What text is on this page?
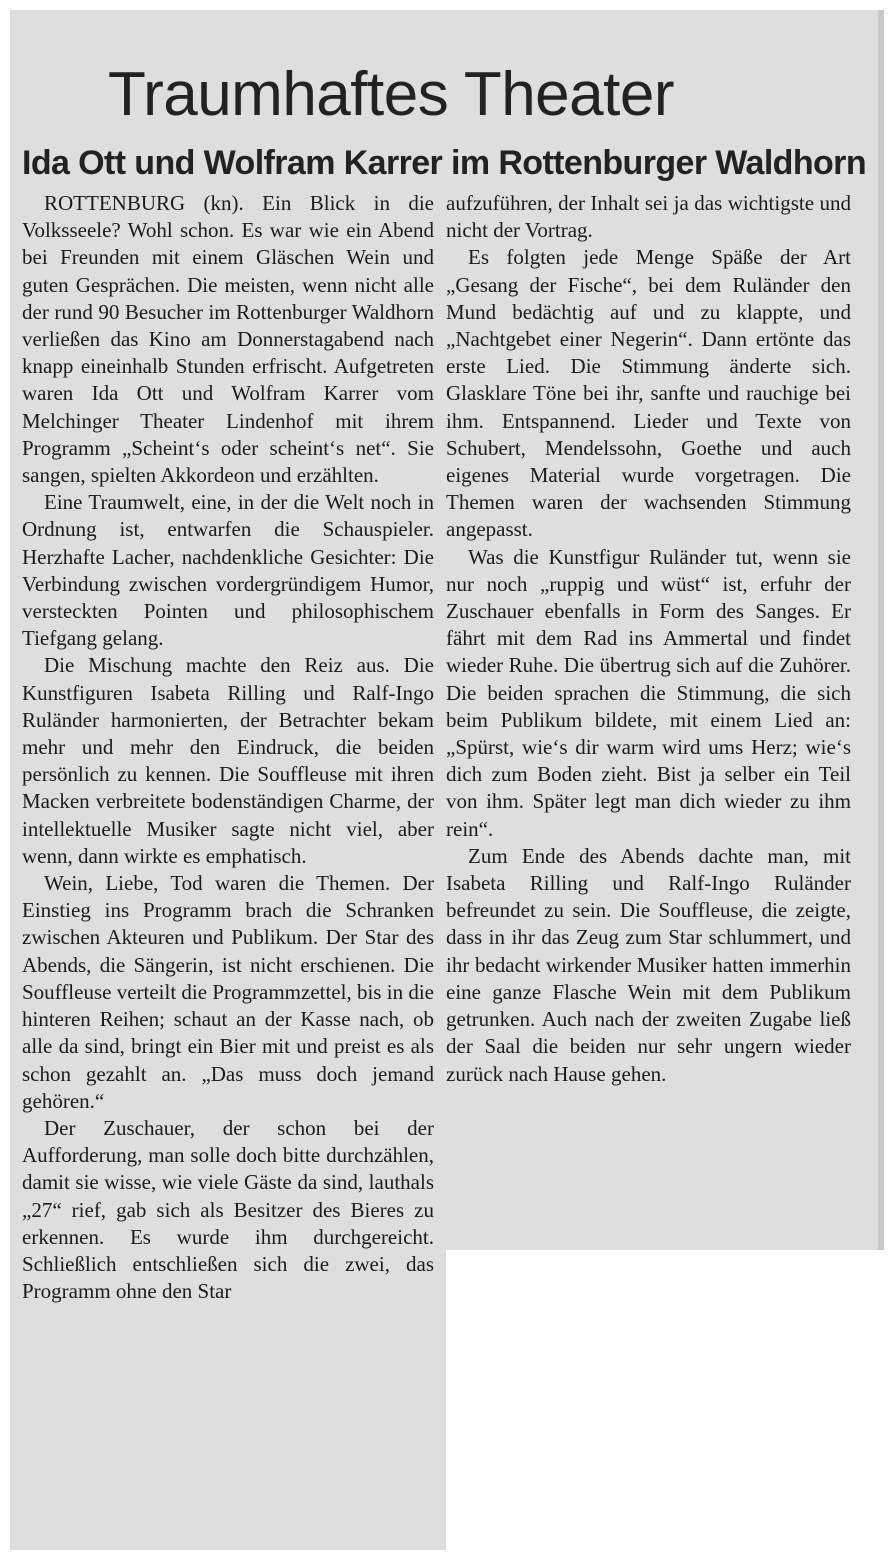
Traumhaftes Theater
Ida Ott und Wolfram Karrer im Rottenburger Waldhorn

ROTTENBURG (kn). Ein Blick in die Volksseele? Wohl schon. Es war wie ein Abend bei Freunden mit einem Gläschen Wein und guten Gesprächen. Die meisten, wenn nicht alle der rund 90 Besucher im Rottenburger Waldhorn verließen das Kino am Donnerstagabend nach knapp eineinhalb Stunden erfrischt. Aufgetreten waren Ida Ott und Wolfram Karrer vom Melchinger Theater Lindenhof mit ihrem Programm „Scheint‘s oder scheint‘s net“. Sie sangen, spielten Akkordeon und erzählten.

Eine Traumwelt, eine, in der die Welt noch in Ordnung ist, entwarfen die Schauspieler. Herzhafte Lacher, nachdenkliche Gesichter: Die Verbindung zwischen vordergründigem Humor, versteckten Pointen und philosophischem Tiefgang gelang.

Die Mischung machte den Reiz aus. Die Kunstfiguren Isabeta Rilling und Ralf-Ingo Ruländer harmonierten, der Betrachter bekam mehr und mehr den Eindruck, die beiden persönlich zu kennen. Die Souffleuse mit ihren Macken verbreitete bodenständigen Charme, der intellektuelle Musiker sagte nicht viel, aber wenn, dann wirkte es emphatisch.

Wein, Liebe, Tod waren die Themen. Der Einstieg ins Programm brach die Schranken zwischen Akteuren und Publikum. Der Star des Abends, die Sängerin, ist nicht erschienen. Die Souffleuse verteilt die Programmzettel, bis in die hinteren Reihen; schaut an der Kasse nach, ob alle da sind, bringt ein Bier mit und preist es als schon gezahlt an. „Das muss doch jemand gehören.“

Der Zuschauer, der schon bei der Aufforderung, man solle doch bitte durchzählen, damit sie wisse, wie viele Gäste da sind, lauthals „27“ rief, gab sich als Besitzer des Bieres zu erkennen. Es wurde ihm durchgereicht. Schließlich entschließen sich die zwei, das Programm ohne den Star

aufzuführen, der Inhalt sei ja das wichtigste und nicht der Vortrag.

Es folgten jede Menge Späße der Art „Gesang der Fische“, bei dem Ruländer den Mund bedächtig auf und zu klappte, und „Nachtgebet einer Negerin“. Dann ertönte das erste Lied. Die Stimmung änderte sich. Glasklare Töne bei ihr, sanfte und rauchige bei ihm. Entspannend. Lieder und Texte von Schubert, Mendelssohn, Goethe und auch eigenes Material wurde vorgetragen. Die Themen waren der wachsenden Stimmung angepasst.

Was die Kunstfigur Ruländer tut, wenn sie nur noch „ruppig und wüst“ ist, erfuhr der Zuschauer ebenfalls in Form des Sanges. Er fährt mit dem Rad ins Ammertal und findet wieder Ruhe. Die übertrug sich auf die Zuhörer. Die beiden sprachen die Stimmung, die sich beim Publikum bildete, mit einem Lied an: „Spürst, wie‘s dir warm wird ums Herz; wie‘s dich zum Boden zieht. Bist ja selber ein Teil von ihm. Später legt man dich wieder zu ihm rein“.

Zum Ende des Abends dachte man, mit Isabeta Rilling und Ralf-Ingo Ruländer befreundet zu sein. Die Souffleuse, die zeigte, dass in ihr das Zeug zum Star schlummert, und ihr bedacht wirkender Musiker hatten immerhin eine ganze Flasche Wein mit dem Publikum getrunken. Auch nach der zweiten Zugabe ließ der Saal die beiden nur sehr ungern wieder zurück nach Hause gehen.
